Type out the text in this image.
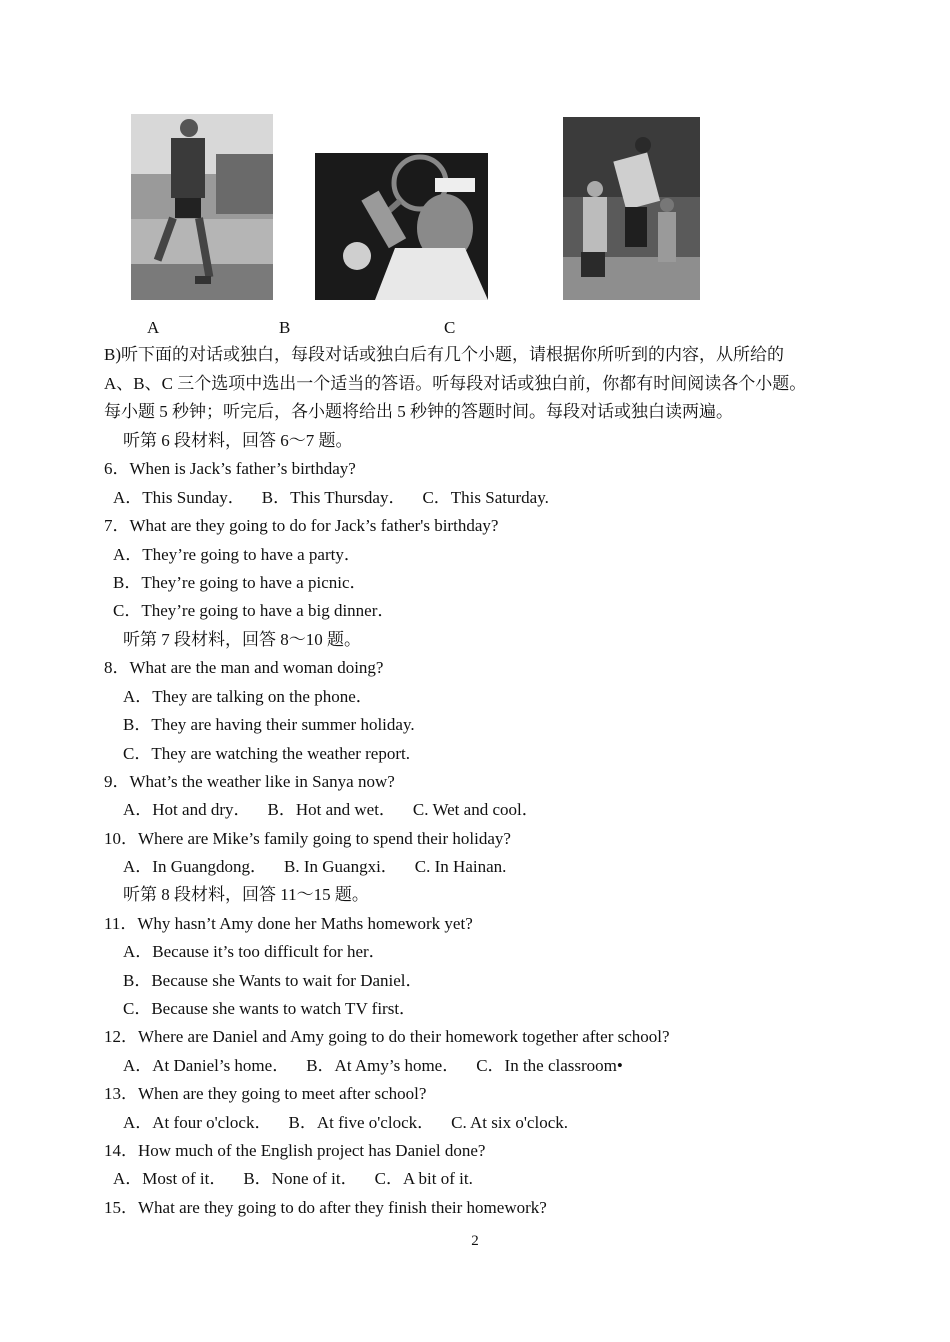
A	B	C
B)听下面的对话或独白，每段对话或独白后有几个小题，请根据你所听到的内容，从所给的
A、B、C 三个选项中选出一个适当的答语。听每段对话或独白前，你都有时间阅读各个小题。
每小题 5 秒钟；听完后，各小题将给出 5 秒钟的答题时间。每段对话或独白读两遍。
听第 6 段材料，回答 6～7 题。
6．When is Jack’s father’s birthday?
A．This Sunday．    B．This Thursday．    C．This Saturday.
7．What are they going to do for Jack’s father's birthday?
A．They’re going to have a party．
B．They’re going to have a picnic．
C．They’re going to have a big dinner．
听第 7 段材料，回答 8～10 题。
8．What are the man and woman doing?
A．They are talking on the phone．
B．They are having their summer holiday.
C．They are watching the weather report.
9．What’s the weather like in Sanya now?
A．Hot and dry．    B．Hot and wet．    C. Wet and cool．
10．Where are Mike’s family going to spend their holiday?
A．In Guangdong．    B. In Guangxi．    C. In Hainan.
听第 8 段材料，回答 11～15 题。
11．Why hasn’t Amy done her Maths homework yet?
A．Because it’s too difficult for her．
B．Because she Wants to wait for Daniel．
C．Because she wants to watch TV first．
12．Where are Daniel and Amy going to do their homework together after school?
A．At Daniel’s home．    B．At Amy’s home．    C．In the classroom•
13．When are they going to meet after school?
A．At four o'clock．    B．At five o'clock．    C. At six o'clock.
14．How much of the English project has Daniel done?
A．Most of it．    B．None of it．    C．A bit of it.
15．What are they going to do after they finish their homework?
2
